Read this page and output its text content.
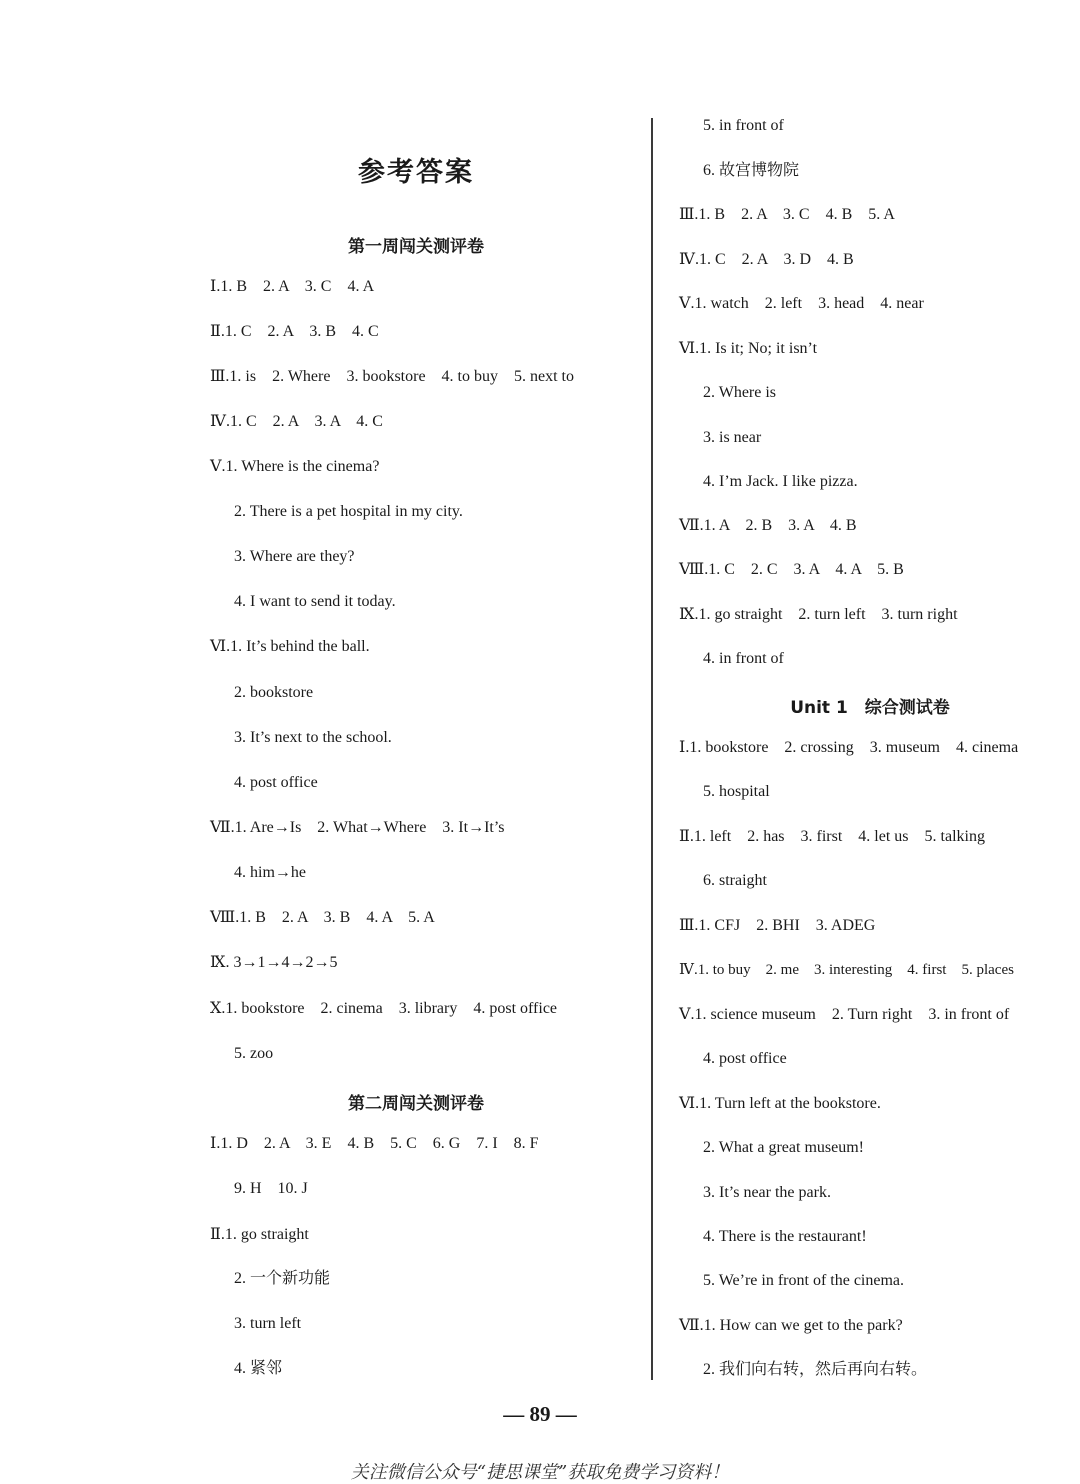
参考答案
第一周闯关测评卷
Ⅰ.1. B　2. A　3. C　4. A
Ⅱ.1. C　2. A　3. B　4. C
Ⅲ.1. is　2. Where　3. bookstore　4. to buy　5. next to
Ⅳ.1. C　2. A　3. A　4. C
Ⅴ.1. Where is the cinema?
2. There is a pet hospital in my city.
3. Where are they?
4. I want to send it today.
Ⅵ.1. It’s behind the ball.
2. bookstore
3. It’s next to the school.
4. post office
Ⅶ.1. Are→Is　2. What→Where　3. It→It’s
4. him→he
Ⅷ.1. B　2. A　3. B　4. A　5. A
Ⅸ. 3→1→4→2→5
Ⅹ.1. bookstore　2. cinema　3. library　4. post office
5. zoo
第二周闯关测评卷
Ⅰ.1. D　2. A　3. E　4. B　5. C　6. G　7. I　8. F
9. H　10. J
Ⅱ.1. go straight
2. 一个新功能
3. turn left
4. 紧邻
5. in front of
6. 故宫博物院
Ⅲ.1. B　2. A　3. C　4. B　5. A
Ⅳ.1. C　2. A　3. D　4. B
Ⅴ.1. watch　2. left　3. head　4. near
Ⅵ.1. Is it; No; it isn’t
2. Where is
3. is near
4. I’m Jack. I like pizza.
Ⅶ.1. A　2. B　3. A　4. B
Ⅷ.1. C　2. C　3. A　4. A　5. B
Ⅸ.1. go straight　2. turn left　3. turn right
4. in front of
Unit 1　综合测试卷
Ⅰ.1. bookstore　2. crossing　3. museum　4. cinema
5. hospital
Ⅱ.1. left　2. has　3. first　4. let us　5. talking
6. straight
Ⅲ.1. CFJ　2. BHI　3. ADEG
Ⅳ.1. to buy　2. me　3. interesting　4. first　5. places
Ⅴ.1. science museum　2. Turn right　3. in front of
4. post office
Ⅵ.1. Turn left at the bookstore.
2. What a great museum!
3. It’s near the park.
4. There is the restaurant!
5. We’re in front of the cinema.
Ⅶ.1. How can we get to the park?
2. 我们向右转，然后再向右转。
— 89 —
关注微信公众号“捷思课堂”获取免费学习资料！
